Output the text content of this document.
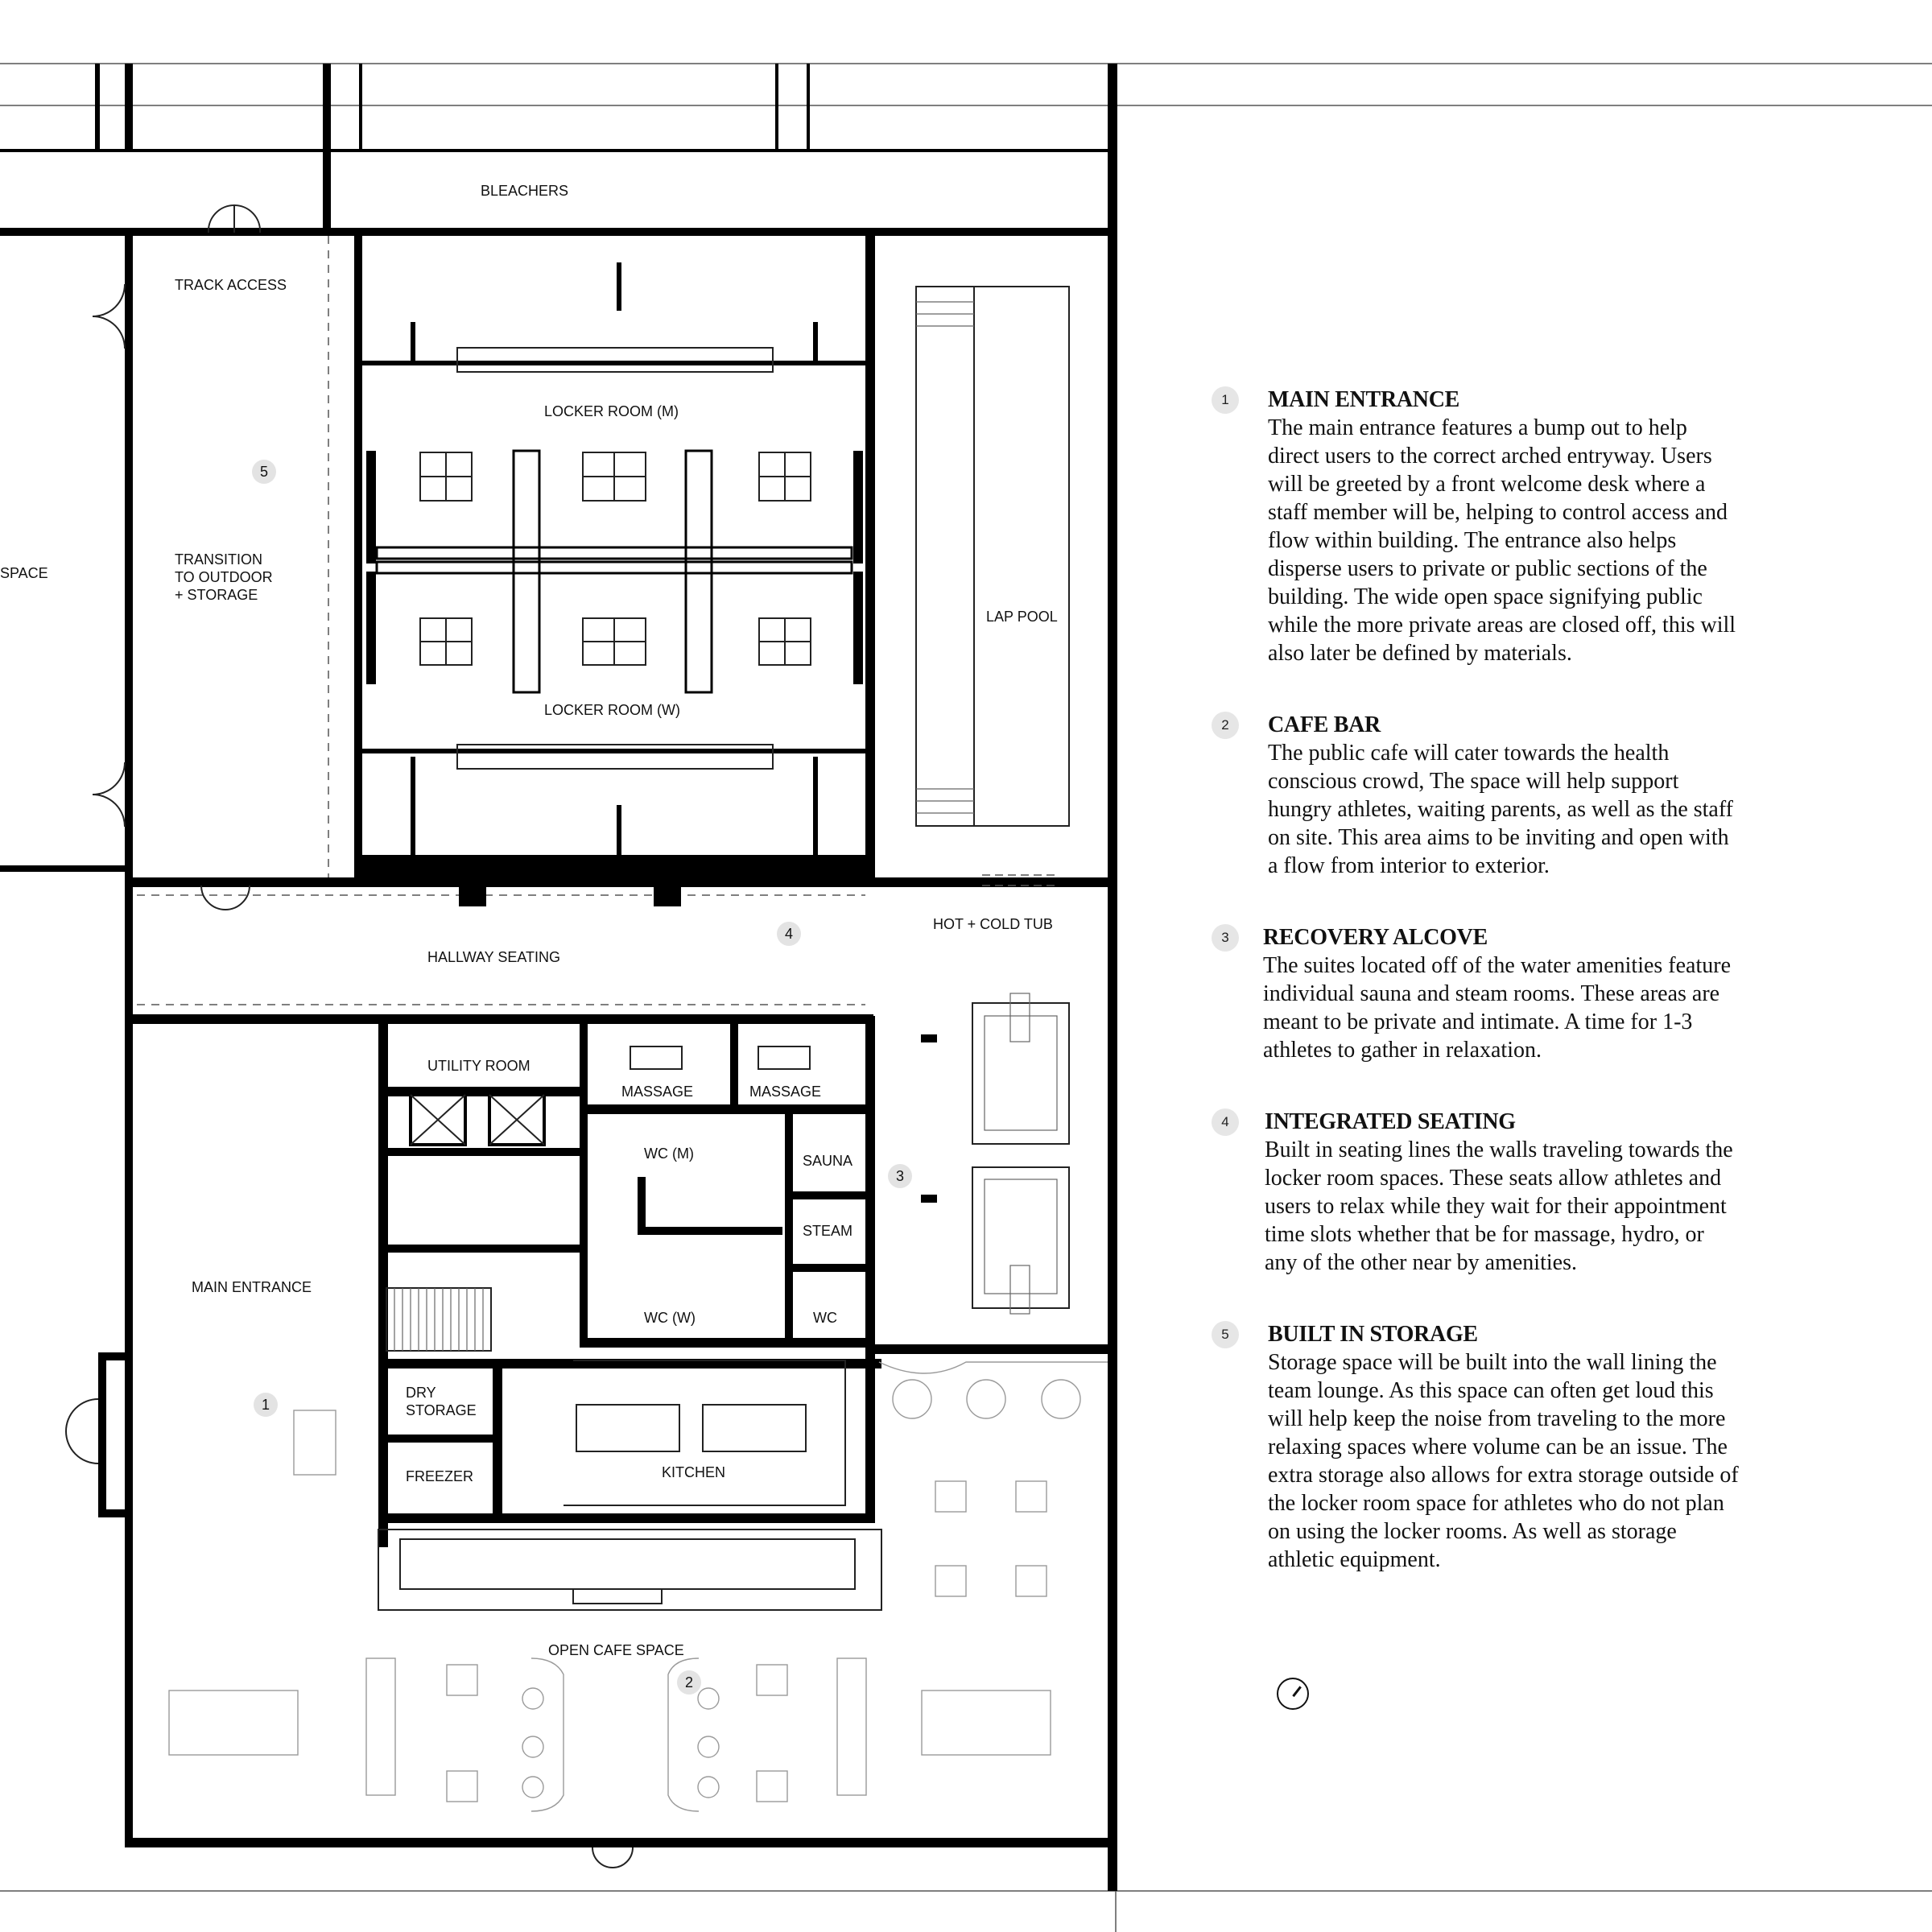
BLEACHERS
TRACK ACCESS
TRANSITION
TO OUTDOOR
+ STORAGE
SPACE
LOCKER ROOM (M)
LOCKER ROOM (W)
LAP POOL
HOT + COLD TUB
HALLWAY SEATING
UTILITY ROOM
MASSAGE	MASSAGE
WC (M)
WC (W)
SAUNA
STEAM
WC
MAIN ENTRANCE
DRY
STORAGE
FREEZER	KITCHEN
OPEN CAFE SPACE
1
2
3
4
5
1	MAIN ENTRANCE

The main entrance features a bump out to help

direct users to the correct arched entryway. Users

will be greeted by a front welcome desk where a

staff member will be, helping to control access and

flow within building. The entrance also helps

disperse users to private or public sections of the

building. The wide open space signifying public

while the more private areas are closed off, this will

also later be defined by materials.

2	CAFE BAR

The public cafe will cater towards the health

conscious crowd, The space will help support

hungry athletes, waiting parents, as well as the staff

on site. This area aims to be inviting and open with

a flow from interior to exterior.

3	RECOVERY ALCOVE

The suites located off of the water amenities feature

individual sauna and steam rooms. These areas are

meant to be private and intimate. A time for 1-3

athletes to gather in relaxation.

4	INTEGRATED SEATING

Built in seating lines the walls traveling towards the

locker room spaces. These seats allow athletes and

users to relax while they wait for their appointment

time slots whether that be for massage, hydro, or

any of the other near by amenities.

5	BUILT IN STORAGE

Storage space will be built into the wall lining the

team lounge. As this space can often get loud this

will help keep the noise from traveling to the more

relaxing spaces where volume can be an issue. The

extra storage also allows for extra storage outside of

the locker room space for athletes who do not plan

on using the locker rooms. As well as storage

athletic equipment.
